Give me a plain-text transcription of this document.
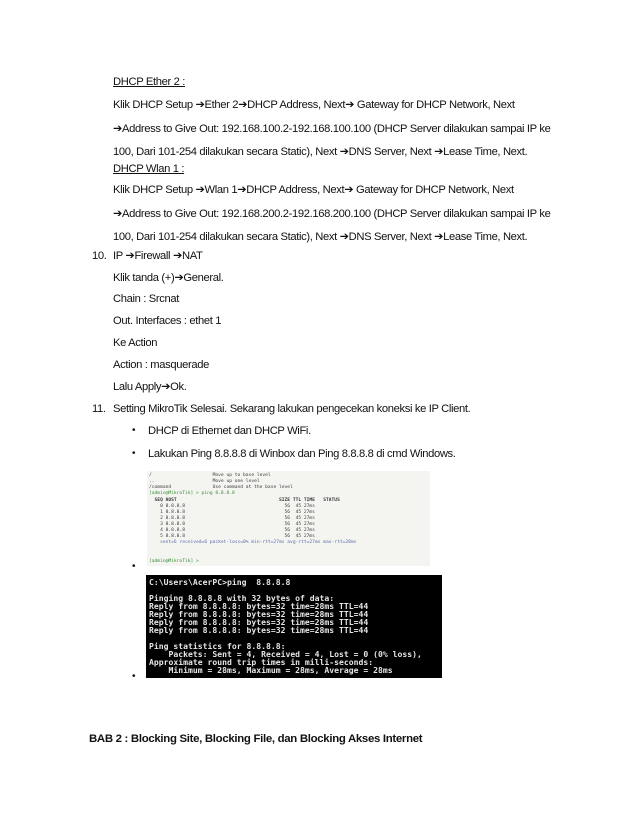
DHCP Ether 2 :
Klik DHCP Setup ➔Ether 2➔DHCP Address, Next➔ Gateway for DHCP Network, Next
➔Address to Give Out: 192.168.100.2-192.168.100.100 (DHCP Server dilakukan sampai IP ke
100, Dari 101-254 dilakukan secara Static), Next ➔DNS Server, Next ➔Lease Time, Next.
DHCP Wlan 1 :
Klik DHCP Setup ➔Wlan 1➔DHCP Address, Next➔ Gateway for DHCP Network, Next
➔Address to Give Out: 192.168.200.2-192.168.200.100 (DHCP Server dilakukan sampai IP ke
100, Dari 101-254 dilakukan secara Static), Next ➔DNS Server, Next ➔Lease Time, Next.
10. IP ➔Firewall ➔NAT
Klik tanda (+)➔General.
Chain : Srcnat
Out. Interfaces : ethet 1
Ke Action
Action : masquerade
Lalu Apply➔Ok.
11. Setting MikroTik Selesai. Sekarang lakukan pengecekan koneksi ke IP Client.
• DHCP di Ethernet dan DHCP WiFi.
• Lakukan Ping 8.8.8.8 di Winbox dan Ping 8.8.8.8 di cmd Windows.
/                      Move up to base level
..                     Move up one level
/command               Use command at the base level
[admin@MikroTik] > ping 8.8.8.8
SEQ HOST                                     SIZE TTL TIME   STATUS
0 8.8.8.8                                    56  45 27ms
1 8.8.8.8                                    56  45 27ms
2 8.8.8.8                                    56  45 27ms
3 8.8.8.8                                    56  45 27ms
4 8.8.8.8                                    56  45 27ms
5 8.8.8.8                                    56  45 27ms
sent=6 received=6 packet-loss=0% min-rtt=27ms avg-rtt=27ms max-rtt=28ms
[admin@MikroTik] >
•
C:\Users\AcerPC>ping  8.8.8.8
Pinging 8.8.8.8 with 32 bytes of data:
Reply from 8.8.8.8: bytes=32 time=28ms TTL=44
Reply from 8.8.8.8: bytes=32 time=28ms TTL=44
Reply from 8.8.8.8: bytes=32 time=28ms TTL=44
Reply from 8.8.8.8: bytes=32 time=28ms TTL=44
Ping statistics for 8.8.8.8:
Packets: Sent = 4, Received = 4, Lost = 0 (0% loss),
Approximate round trip times in milli-seconds:
Minimum = 28ms, Maximum = 28ms, Average = 28ms
•
BAB 2 : Blocking Site, Blocking File, dan Blocking Akses Internet
